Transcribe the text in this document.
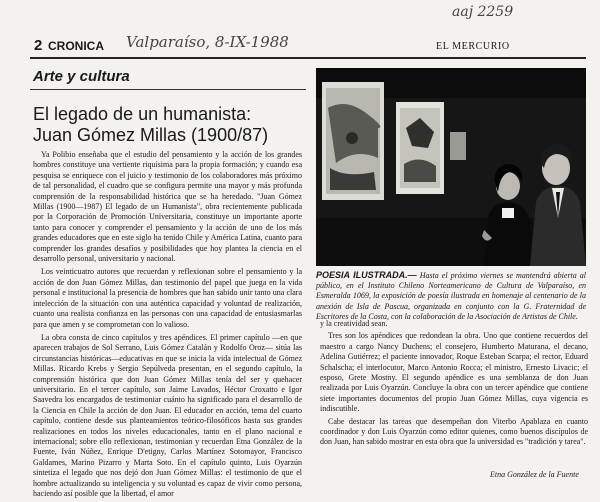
aaj 2259
2 CRONICA Valparaíso, 8-IX-1988	EL MERCURIO
Arte y cultura
El legado de un humanista:
Juan Gómez Millas (1900/87)

Ya Polibio enseñaba que el estudio del pensamiento y la acción de los grandes hombres constituye una vertiente riquísima para la propia formación; y cuando esa pesquisa se enriquece con el juicio y testimonio de los colaboradores más próximo de tal personalidad, el cuadro que se configura permite una mayor y más profunda comprensión de la responsabilidad histórica que se ha heredado. "Juan Gómez Millas (1900—1987) El legado de un Humanista", obra recientemente publicada por la Corporación de Promoción Universitaria, constituye un importante aporte tanto para conocer y comprender el pensamiento y la acción de uno de los más grandes educadores que en este siglo ha tenido Chile y América Latina, cuanto para comprender los grandes desafíos y posibilidades que hoy plantea la ciencia en el desarrollo personal, universitario y nacional.

Los veinticuatro autores que recuerdan y reflexionan sobre el pensamiento y la acción de don Juan Gómez Millas, dan testimonio del papel que juega en la vida personal e institucional la presencia de hombres que han sabido unir tanto una clara intelección de la situación con una auténtica capacidad y voluntad de realización, cuanto una realista confianza en las personas con una capacidad de entusiasmarlas para que amen y se comprometan con lo valioso.

La obra consta de cinco capítulos y tres apéndices. El primer capítulo —en que aparecen trabajos de Sol Serrano, Luis Gómez Catalán y Rodolfo Oroz— sitúa las circunstancias históricas—educativas en que se inicia la vida intelectual de Gómez Millas. Ricardo Krebs y Sergio Sepúlveda presentan, en el segundo capítulo, la comprensión histórica que don Juan Gómez Millas tenía del ser y quehacer universitario. En el tercer capítulo, son Jaime Lavados, Héctor Croxatto e Igor Saavedra los encargados de testimoniar cuánto ha significado para el desarrollo de la Ciencia en Chile la acción de don Juan. El educador en acción, tema del cuarto capítulo, contiene desde sus planteamientos teórico-filosóficos hasta sus grandes realizaciones en todos los niveles educacionales, tanto en el plano nacional e internacional; sobre ello reflexionan, testimonian y recuerdan Etna González de la Fuente, Iván Núñez, Enrique D'etigny, Carlos Martínez Sotomayor, Francisco Galdames, Marino Pizarro y Marta Soto. En el capítulo quinto, Luis Oyarzún sintetiza el legado que nos dejó don Juan Gómez Millas: el testimonio de que el hombre actualizando su inteligencia y su voluntad es capaz de vivir como persona, haciendo así posible que la libertad, el amor

POESIA ILUSTRADA.— Hasta el próximo viernes se mantendrá abierta al público, en el Instituto Chileno Norteamericano de Cultura de Valparaíso, en Esmeralda 1069, la exposición de poesía ilustrada en homenaje al centenario de la anexión de Isla de Pascua, organizada en conjunto con la G. Fraternidad de Escritores de la Costa, con la colaboración de la Asociación de Artistas de Chile.

y la creatividad sean.

Tres son los apéndices que redondean la obra. Uno que contiene recuerdos del maestro a cargo Nancy Duchens; el consejero, Humberto Maturana, el decano, Adelina Gutiérrez; el paciente innovador, Roque Esteban Scarpa; el rector, Eduard Schalscha; el interlocutor, Marco Antonio Rocca; el ministro, Ernesto Livacic; el esposo, Grete Mostny. El segundo apéndice es una semblanza de don Juan realizada por Luis Oyarzún. Concluye la obra con un tercer apéndice que contiene siete importantes documentos del propio Juan Gómez Millas, cuya vigencia es indiscutible.

Cabe destacar las tareas que desempeñan don Viterbo Apablaza en cuanto coordinador y don Luis Oyarzún como editor quienes, como buenos discípulos de don Juan, han sabido mostrar en esta obra que la universidad es "tradición y tarea".

Etna González de la Fuente
